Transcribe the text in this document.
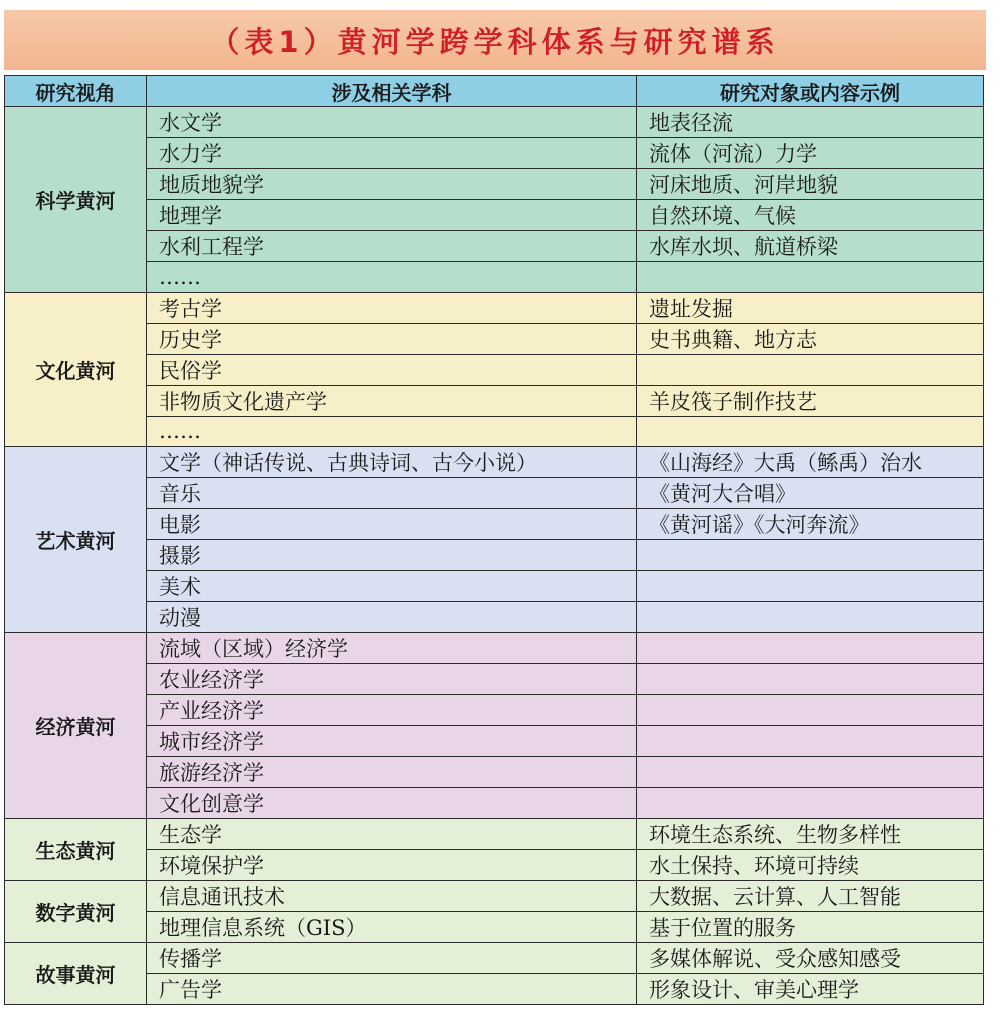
（表1）黄河学跨学科体系与研究谱系
研究视角	涉及相关学科	研究对象或内容示例
科学黄河	水文学	地表径流
	水力学	流体（河流）力学
	地质地貌学	河床地质、河岸地貌
	地理学	自然环境、气候
	水利工程学	水库水坝、航道桥梁
	……	
文化黄河	考古学	遗址发掘
	历史学	史书典籍、地方志
	民俗学	
	非物质文化遗产学	羊皮筏子制作技艺
	……	
艺术黄河	文学（神话传说、古典诗词、古今小说）	《山海经》大禹（鲧禹）治水
	音乐	《黄河大合唱》
	电影	《黄河谣》《大河奔流》
	摄影	
	美术	
	动漫	
经济黄河	流域（区域）经济学	
	农业经济学	
	产业经济学	
	城市经济学	
	旅游经济学	
	文化创意学	
生态黄河	生态学	环境生态系统、生物多样性
	环境保护学	水土保持、环境可持续
数字黄河	信息通讯技术	大数据、云计算、人工智能
	地理信息系统（GIS）	基于位置的服务
故事黄河	传播学	多媒体解说、受众感知感受
	广告学	形象设计、审美心理学
